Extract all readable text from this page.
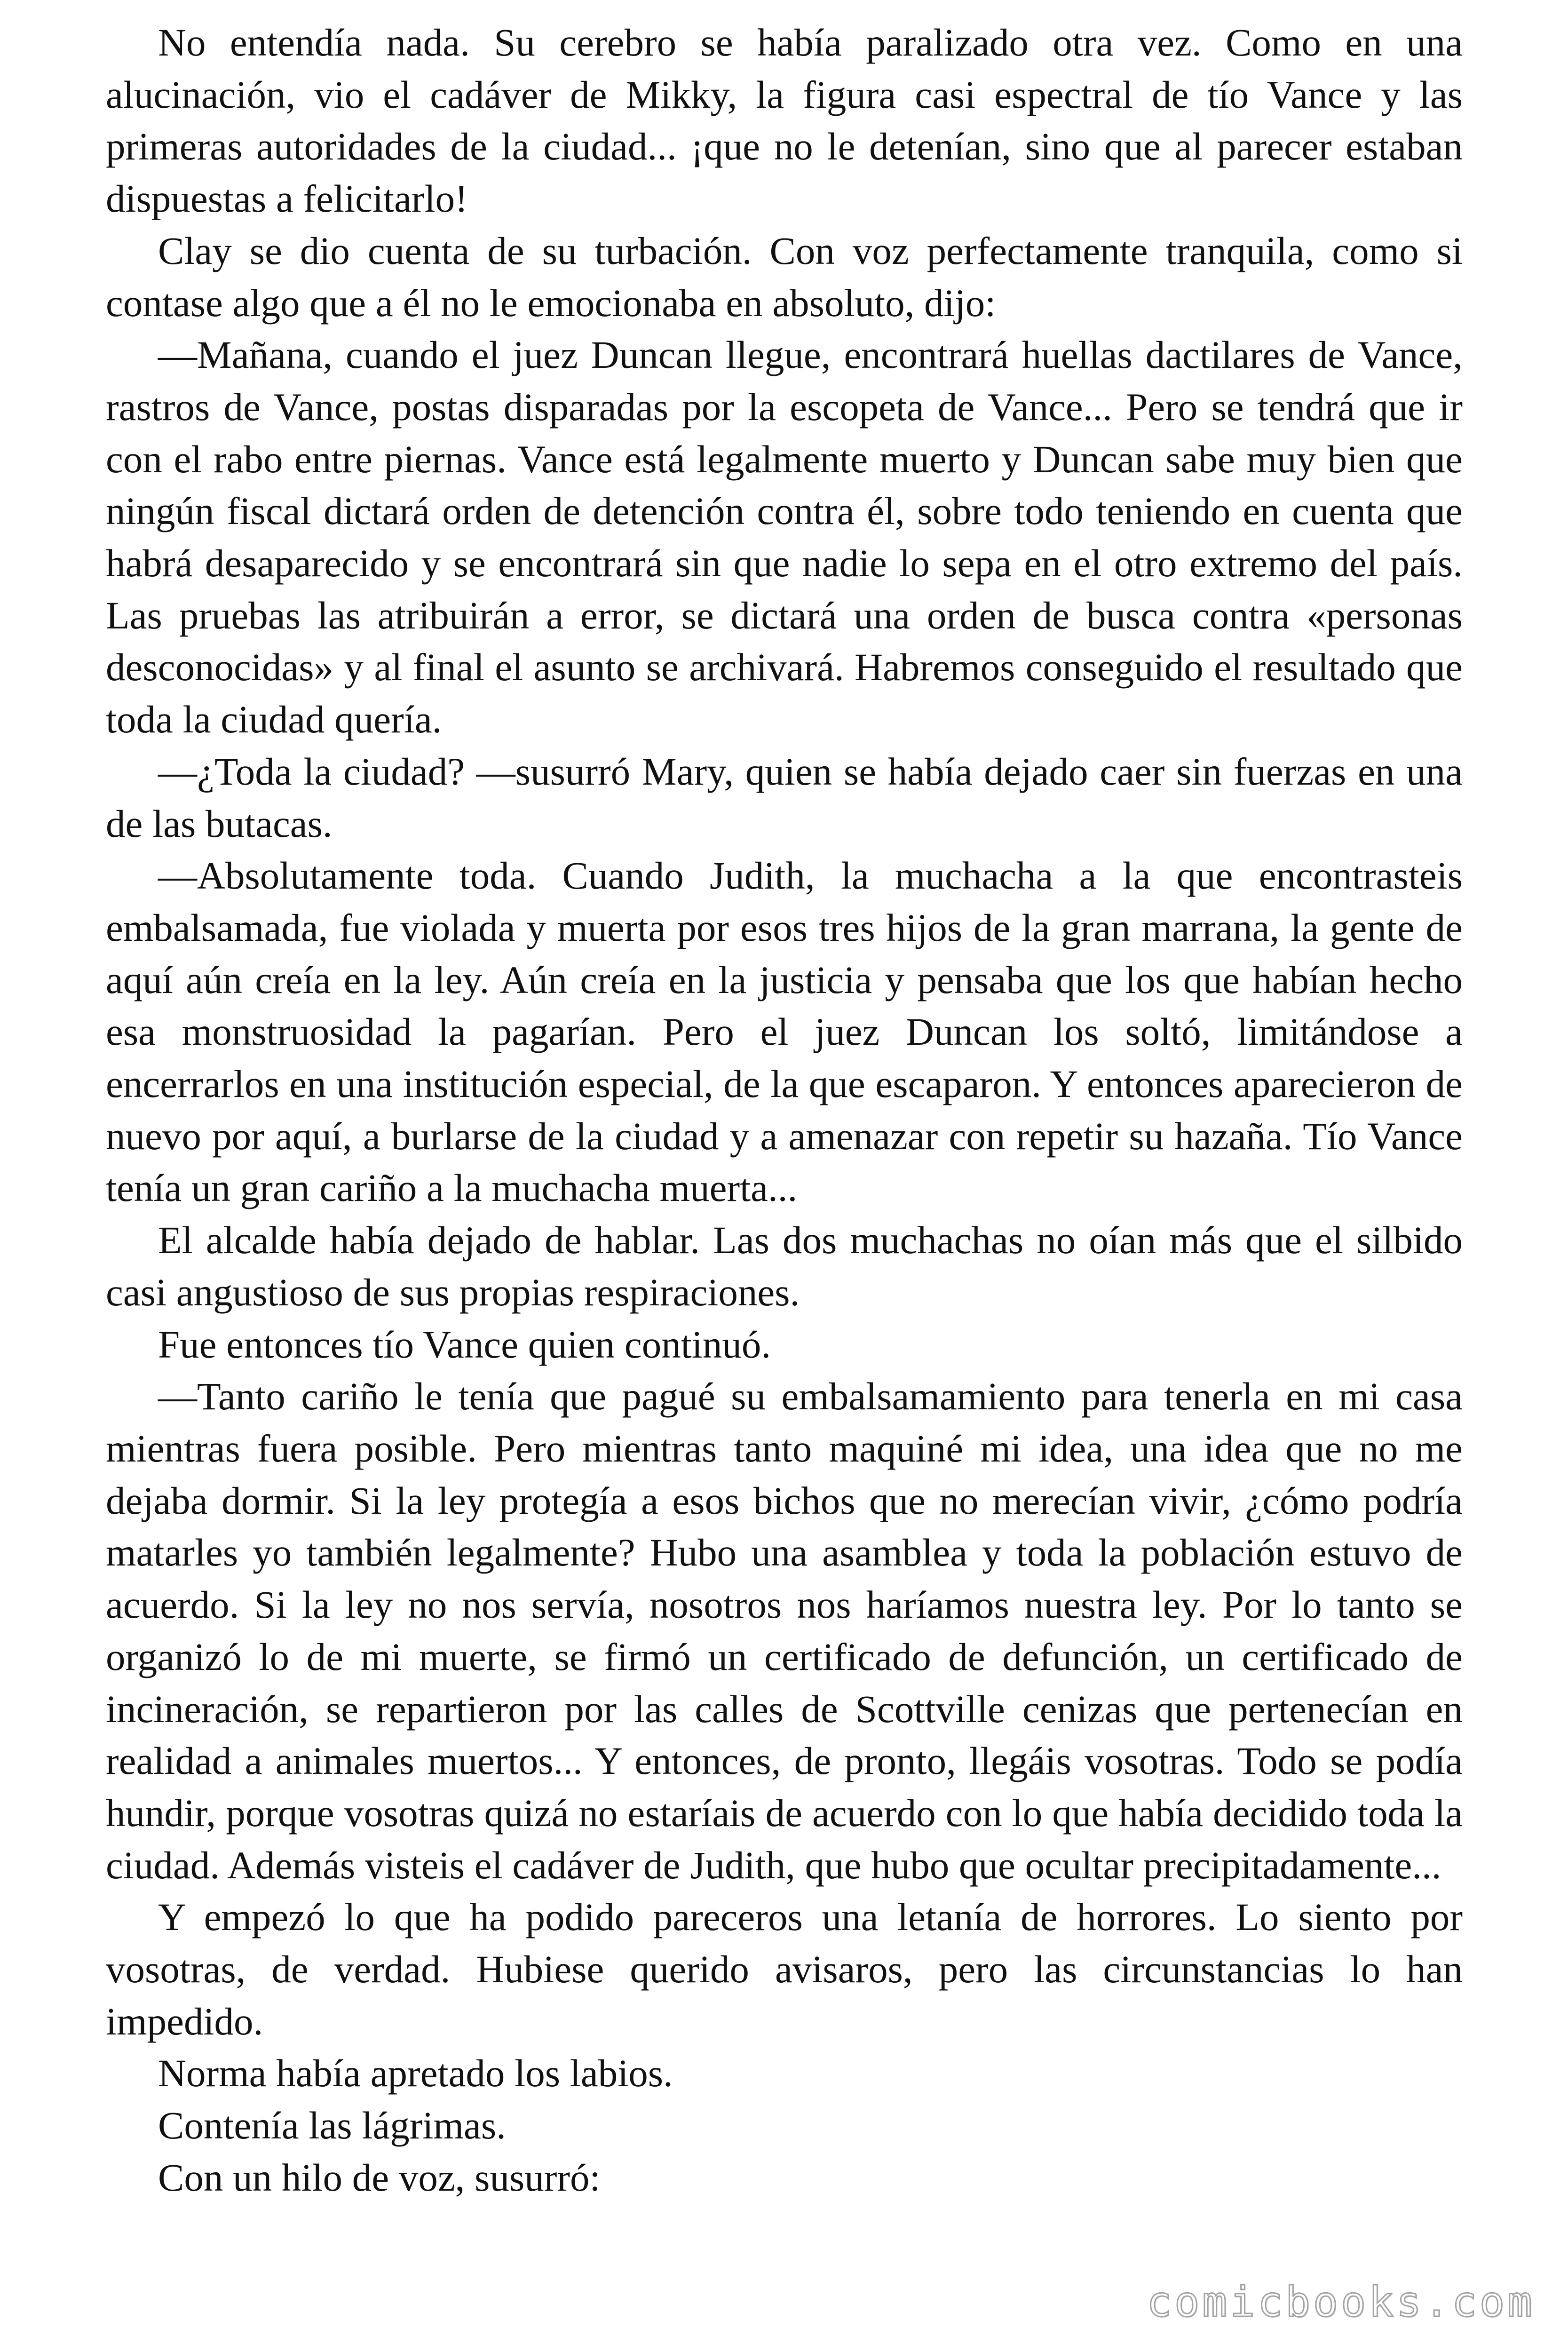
No entendía nada. Su cerebro se había paralizado otra vez. Como en una alucinación, vio el cadáver de Mikky, la figura casi espectral de tío Vance y las primeras autoridades de la ciudad... ¡que no le detenían, sino que al parecer estaban dispuestas a felicitarlo!

Clay se dio cuenta de su turbación. Con voz perfectamente tranquila, como si contase algo que a él no le emocionaba en absoluto, dijo:

—Mañana, cuando el juez Duncan llegue, encontrará huellas dactilares de Vance, rastros de Vance, postas disparadas por la escopeta de Vance... Pero se tendrá que ir con el rabo entre piernas. Vance está legalmente muerto y Duncan sabe muy bien que ningún fiscal dictará orden de detención contra él, sobre todo teniendo en cuenta que habrá desaparecido y se encontrará sin que nadie lo sepa en el otro extremo del país. Las pruebas las atribuirán a error, se dictará una orden de busca contra «personas desconocidas» y al final el asunto se archivará. Habremos conseguido el resultado que toda la ciudad quería.

—¿Toda la ciudad? —susurró Mary, quien se había dejado caer sin fuerzas en una de las butacas.

—Absolutamente toda. Cuando Judith, la muchacha a la que encontrasteis embalsamada, fue violada y muerta por esos tres hijos de la gran marrana, la gente de aquí aún creía en la ley. Aún creía en la justicia y pensaba que los que habían hecho esa monstruosidad la pagarían. Pero el juez Duncan los soltó, limitándose a encerrarlos en una institución especial, de la que escaparon. Y entonces aparecieron de nuevo por aquí, a burlarse de la ciudad y a amenazar con repetir su hazaña. Tío Vance tenía un gran cariño a la muchacha muerta...

El alcalde había dejado de hablar. Las dos muchachas no oían más que el silbido casi angustioso de sus propias respiraciones.

Fue entonces tío Vance quien continuó.

—Tanto cariño le tenía que pagué su embalsamamiento para tenerla en mi casa mientras fuera posible. Pero mientras tanto maquiné mi idea, una idea que no me dejaba dormir. Si la ley protegía a esos bichos que no merecían vivir, ¿cómo podría matarles yo también legalmente? Hubo una asamblea y toda la población estuvo de acuerdo. Si la ley no nos servía, nosotros nos haríamos nuestra ley. Por lo tanto se organizó lo de mi muerte, se firmó un certificado de defunción, un certificado de incineración, se repartieron por las calles de Scottville cenizas que pertenecían en realidad a animales muertos... Y entonces, de pronto, llegáis vosotras. Todo se podía hundir, porque vosotras quizá no estaríais de acuerdo con lo que había decidido toda la ciudad. Además visteis el cadáver de Judith, que hubo que ocultar precipitadamente...

Y empezó lo que ha podido pareceros una letanía de horrores. Lo siento por vosotras, de verdad. Hubiese querido avisaros, pero las circunstancias lo han impedido.

Norma había apretado los labios.

Contenía las lágrimas.

Con un hilo de voz, susurró:

comicbooks.com
